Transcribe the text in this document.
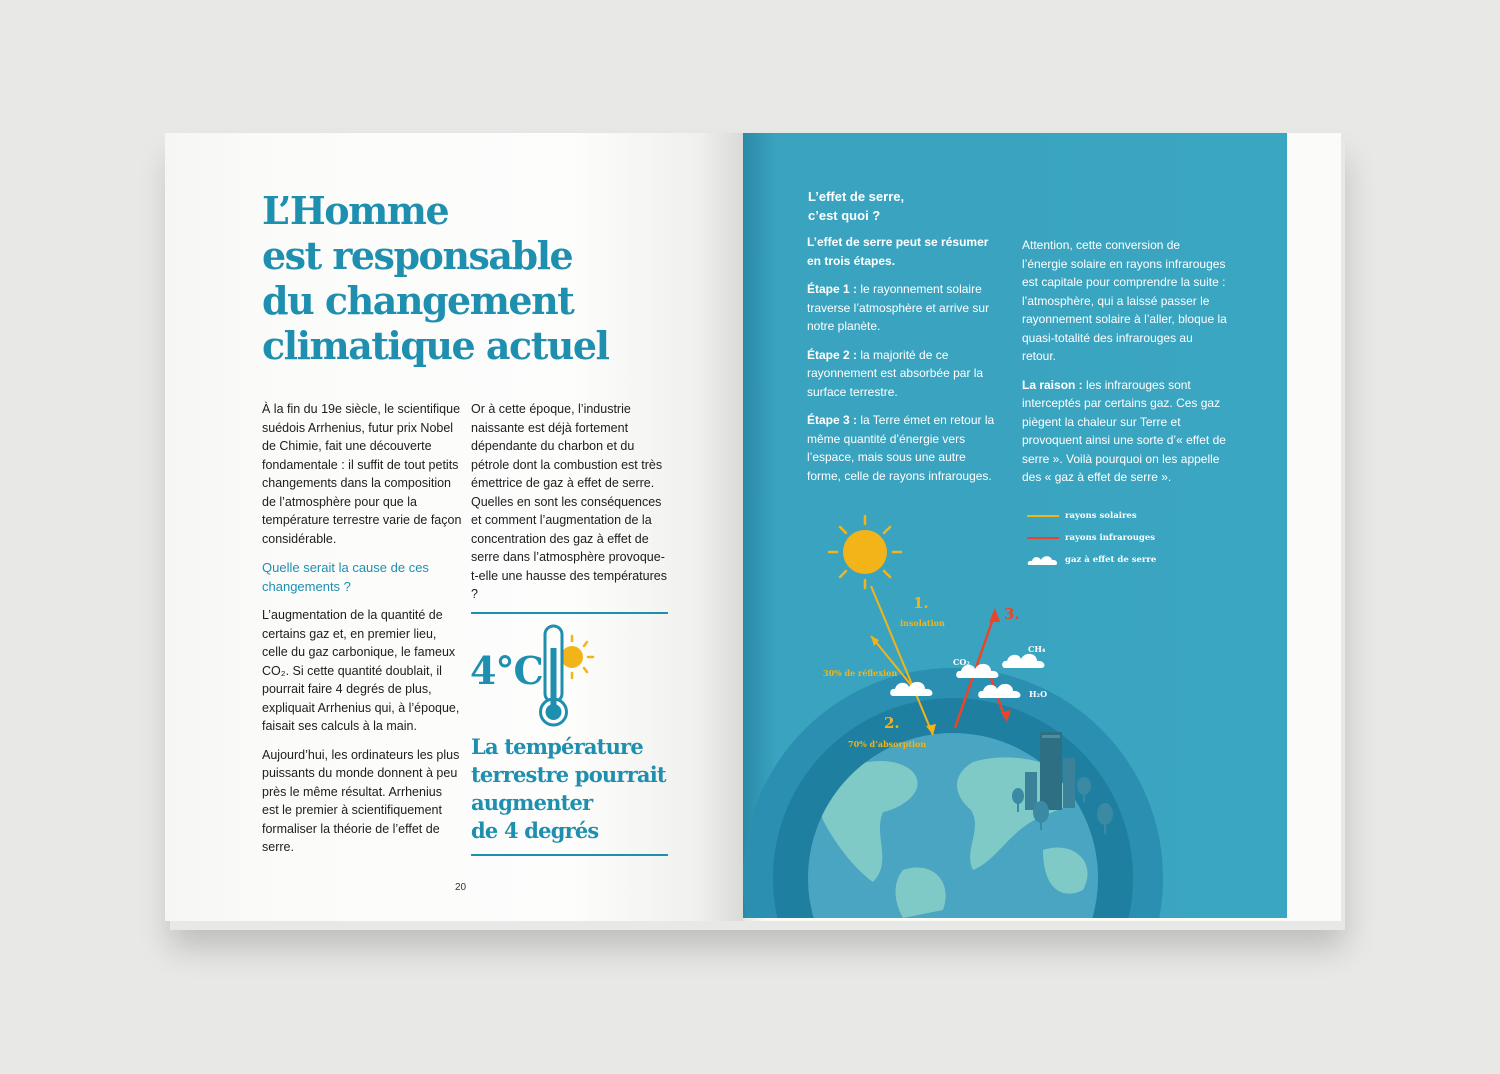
L’Homme
est responsable
du changement
climatique actuel

À la fin du 19e siècle, le scientifique suédois Arrhenius, futur prix Nobel de Chimie, fait une découverte fondamentale : il suffit de tout petits changements dans la composition de l’atmosphère pour que la température terrestre varie de façon considérable.

Quelle serait la cause de ces changements ?

L’augmentation de la quantité de certains gaz et, en premier lieu, celle du gaz carbonique, le fameux CO₂. Si cette quantité doublait, il pourrait faire 4 degrés de plus, expliquait Arrhenius qui, à l’époque, faisait ses calculs à la main.

Aujourd’hui, les ordinateurs les plus puissants du monde donnent à peu près le même résultat. Arrhenius est le premier à scientifiquement formaliser la théorie de l’effet de serre.

Or à cette époque, l’industrie naissante est déjà fortement dépendante du charbon et du pétrole dont la combustion est très émettrice de gaz à effet de serre. Quelles en sont les conséquences et comment l’augmentation de la concentration des gaz à effet de serre dans l’atmosphère provoque-t-elle une hausse des températures ?

4°C
La température
terrestre pourrait
augmenter
de 4 degrés
20
L’effet de serre,
c’est quoi ?

L’effet de serre peut se résumer en trois étapes.

Étape 1 : le rayonnement solaire traverse l’atmosphère et arrive sur notre planète.

Étape 2 : la majorité de ce rayonnement est absorbée par la surface terrestre.

Étape 3 : la Terre émet en retour la même quantité d’énergie vers l’espace, mais sous une autre forme, celle de rayons infrarouges.

Attention, cette conversion de l’énergie solaire en rayons infrarouges est capitale pour comprendre la suite : l’atmosphère, qui a laissé passer le rayonnement solaire à l’aller, bloque la quasi-totalité des infrarouges au retour.

La raison : les infrarouges sont interceptés par certains gaz. Ces gaz piègent la chaleur sur Terre et provoquent ainsi une sorte d’« effet de serre ». Voilà pourquoi on les appelle des « gaz à effet de serre ».

rayons solaires
rayons infrarouges
gaz à effet de serre
1.
insolation
30% de réflexion
2.
70% d’absorption
3.
CO₂
CH₄
H₂O
